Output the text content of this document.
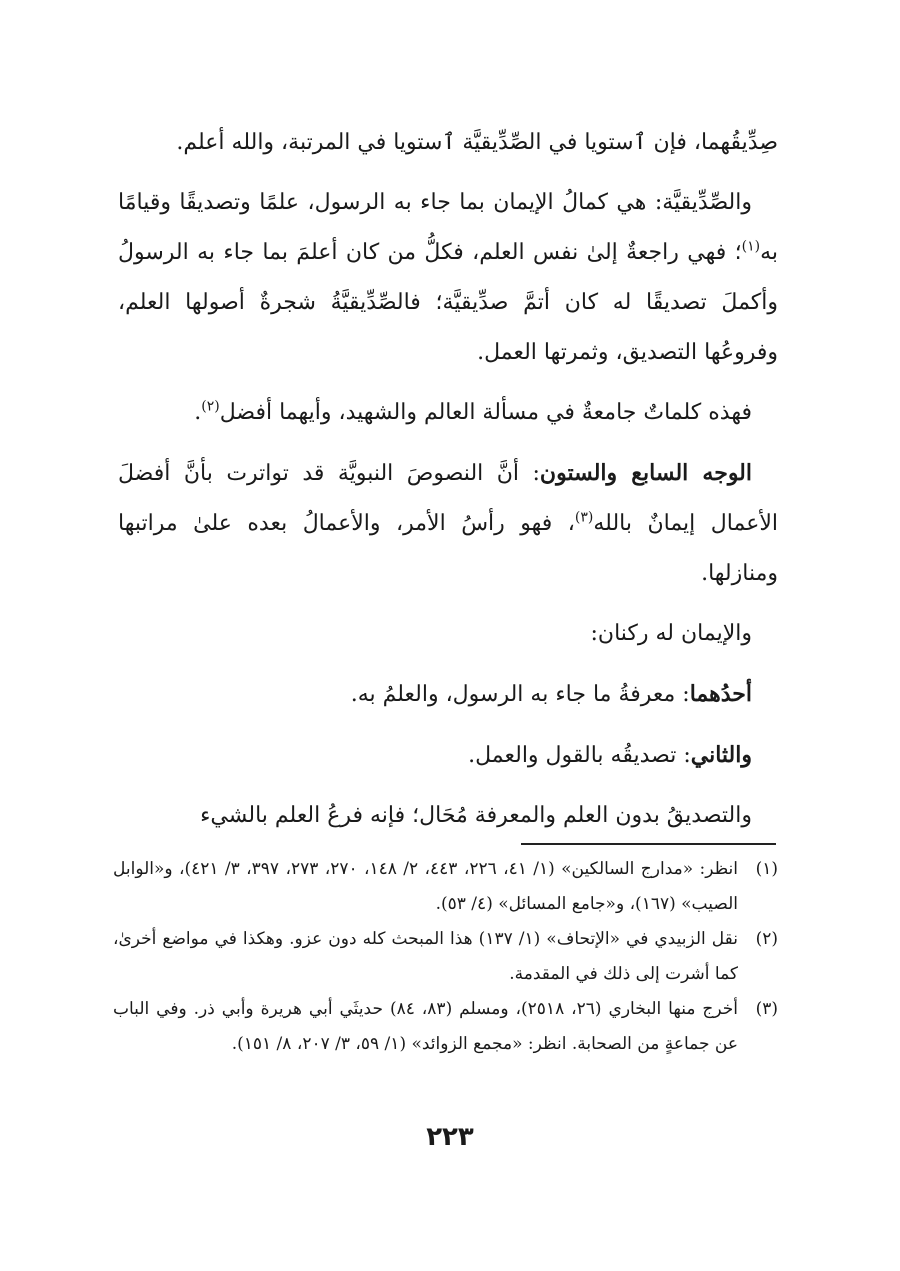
صِدِّيقُهما، فإن ٱستويا في الصِّدِّيقيَّة ٱستويا في المرتبة، والله أعلم.

والصِّدِّيقيَّة: هي كمالُ الإيمان بما جاء به الرسول، علمًا وتصديقًا وقيامًا به$^{(١)}$؛ فهي راجعةٌ إلىٰ نفس العلم، فكلُّ من كان أعلمَ بما جاء به الرسولُ وأكملَ تصديقًا له كان أتمَّ صدِّيقيَّة؛ فالصِّدِّيقيَّةُ شجرةٌ أصولها العلم، وفروعُها التصديق، وثمرتها العمل.

فهذه كلماتٌ جامعةٌ في مسألة العالم والشهيد، وأيهما أفضل$^{(٢)}$.

الوجه السابع والستون: أنَّ النصوصَ النبويَّة قد تواترت بأنَّ أفضلَ الأعمال إيمانٌ بالله$^{(٣)}$، فهو رأسُ الأمر، والأعمالُ بعده علىٰ مراتبها ومنازلها.

والإيمان له ركنان:

أحدُهما: معرفةُ ما جاء به الرسول، والعلمُ به.

والثاني: تصديقُه بالقول والعمل.

والتصديقُ بدون العلم والمعرفة مُحَال؛ فإنه فرعُ العلم بالشيء

(١)
انظر: «مدارج السالكين» (١/ ٤١، ٢٢٦، ٤٤٣، ٢/ ١٤٨، ٢٧٠، ٢٧٣، ٣٩٧، ٣/ ٤٢١)، و«الوابل الصيب» (١٦٧)، و«جامع المسائل» (٤/ ٥٣).
(٢)
نقل الزبيدي في «الإتحاف» (١/ ١٣٧) هذا المبحث كله دون عزو. وهكذا في مواضع أخرىٰ، كما أشرت إلى ذلك في المقدمة.
(٣)
أخرج منها البخاري (٢٦، ٢٥١٨)، ومسلم (٨٣، ٨٤) حديثَي أبي هريرة وأبي ذر. وفي الباب عن جماعةٍ من الصحابة. انظر: «مجمع الزوائد» (١/ ٥٩، ٣/ ٢٠٧، ٨/ ١٥١).
٢٢٣
